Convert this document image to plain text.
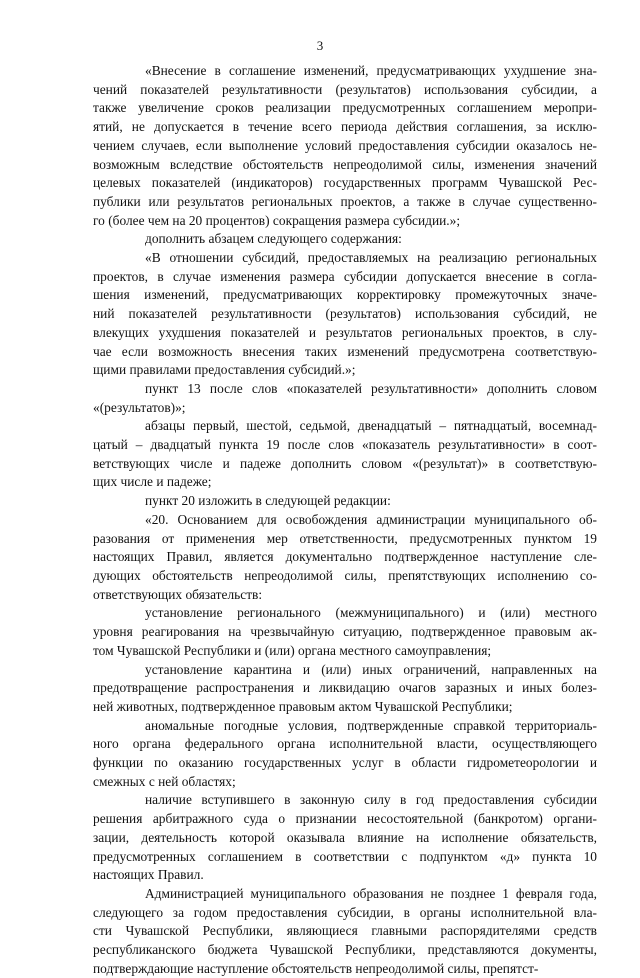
3

«Внесение в соглашение изменений, предусматривающих ухудшение зна-
чений показателей результативности (результатов) использования субсидии, а
также увеличение сроков реализации предусмотренных соглашением меропри-
ятий, не допускается в течение всего периода действия соглашения, за исклю-
чением случаев, если выполнение условий предоставления субсидии оказалось не-
возможным вследствие обстоятельств непреодолимой силы, изменения значений
целевых показателей (индикаторов) государственных программ Чувашской Рес-
публики или результатов региональных проектов, а также в случае существенно-
го (более чем на 20 процентов) сокращения размера субсидии.»;

дополнить абзацем следующего содержания:

«В отношении субсидий, предоставляемых на реализацию региональных
проектов, в случае изменения размера субсидии допускается внесение в согла-
шения изменений, предусматривающих корректировку промежуточных значе-
ний показателей результативности (результатов) использования субсидий, не
влекущих ухудшения показателей и результатов региональных проектов, в слу-
чае если возможность внесения таких изменений предусмотрена соответствую-
щими правилами предоставления субсидий.»;

пункт 13 после слов «показателей результативности» дополнить словом
«(результатов)»;

абзацы первый, шестой, седьмой, двенадцатый – пятнадцатый, восемнад-
цатый – двадцатый пункта 19 после слов «показатель результативности» в соот-
ветствующих числе и падеже дополнить словом «(результат)» в соответствую-
щих числе и падеже;

пункт 20 изложить в следующей редакции:

«20. Основанием для освобождения администрации муниципального об-
разования от применения мер ответственности, предусмотренных пунктом 19
настоящих Правил, является документально подтвержденное наступление сле-
дующих обстоятельств непреодолимой силы, препятствующих исполнению со-
ответствующих обязательств:

установление регионального (межмуниципального) и (или) местного
уровня реагирования на чрезвычайную ситуацию, подтвержденное правовым ак-
том Чувашской Республики и (или) органа местного самоуправления;

установление карантина и (или) иных ограничений, направленных на
предотвращение распространения и ликвидацию очагов заразных и иных болез-
ней животных, подтвержденное правовым актом Чувашской Республики;

аномальные погодные условия, подтвержденные справкой территориаль-
ного органа федерального органа исполнительной власти, осуществляющего
функции по оказанию государственных услуг в области гидрометеорологии и
смежных с ней областях;

наличие вступившего в законную силу в год предоставления субсидии
решения арбитражного суда о признании несостоятельной (банкротом) органи-
зации, деятельность которой оказывала влияние на исполнение обязательств,
предусмотренных соглашением в соответствии с подпунктом «д» пункта 10
настоящих Правил.

Администрацией муниципального образования не позднее 1 февраля года,
следующего за годом предоставления субсидии, в органы исполнительной вла-
сти Чувашской Республики, являющиеся главными распорядителями средств
республиканского бюджета Чувашской Республики, представляются документы,
подтверждающие наступление обстоятельств непреодолимой силы, препятст-
